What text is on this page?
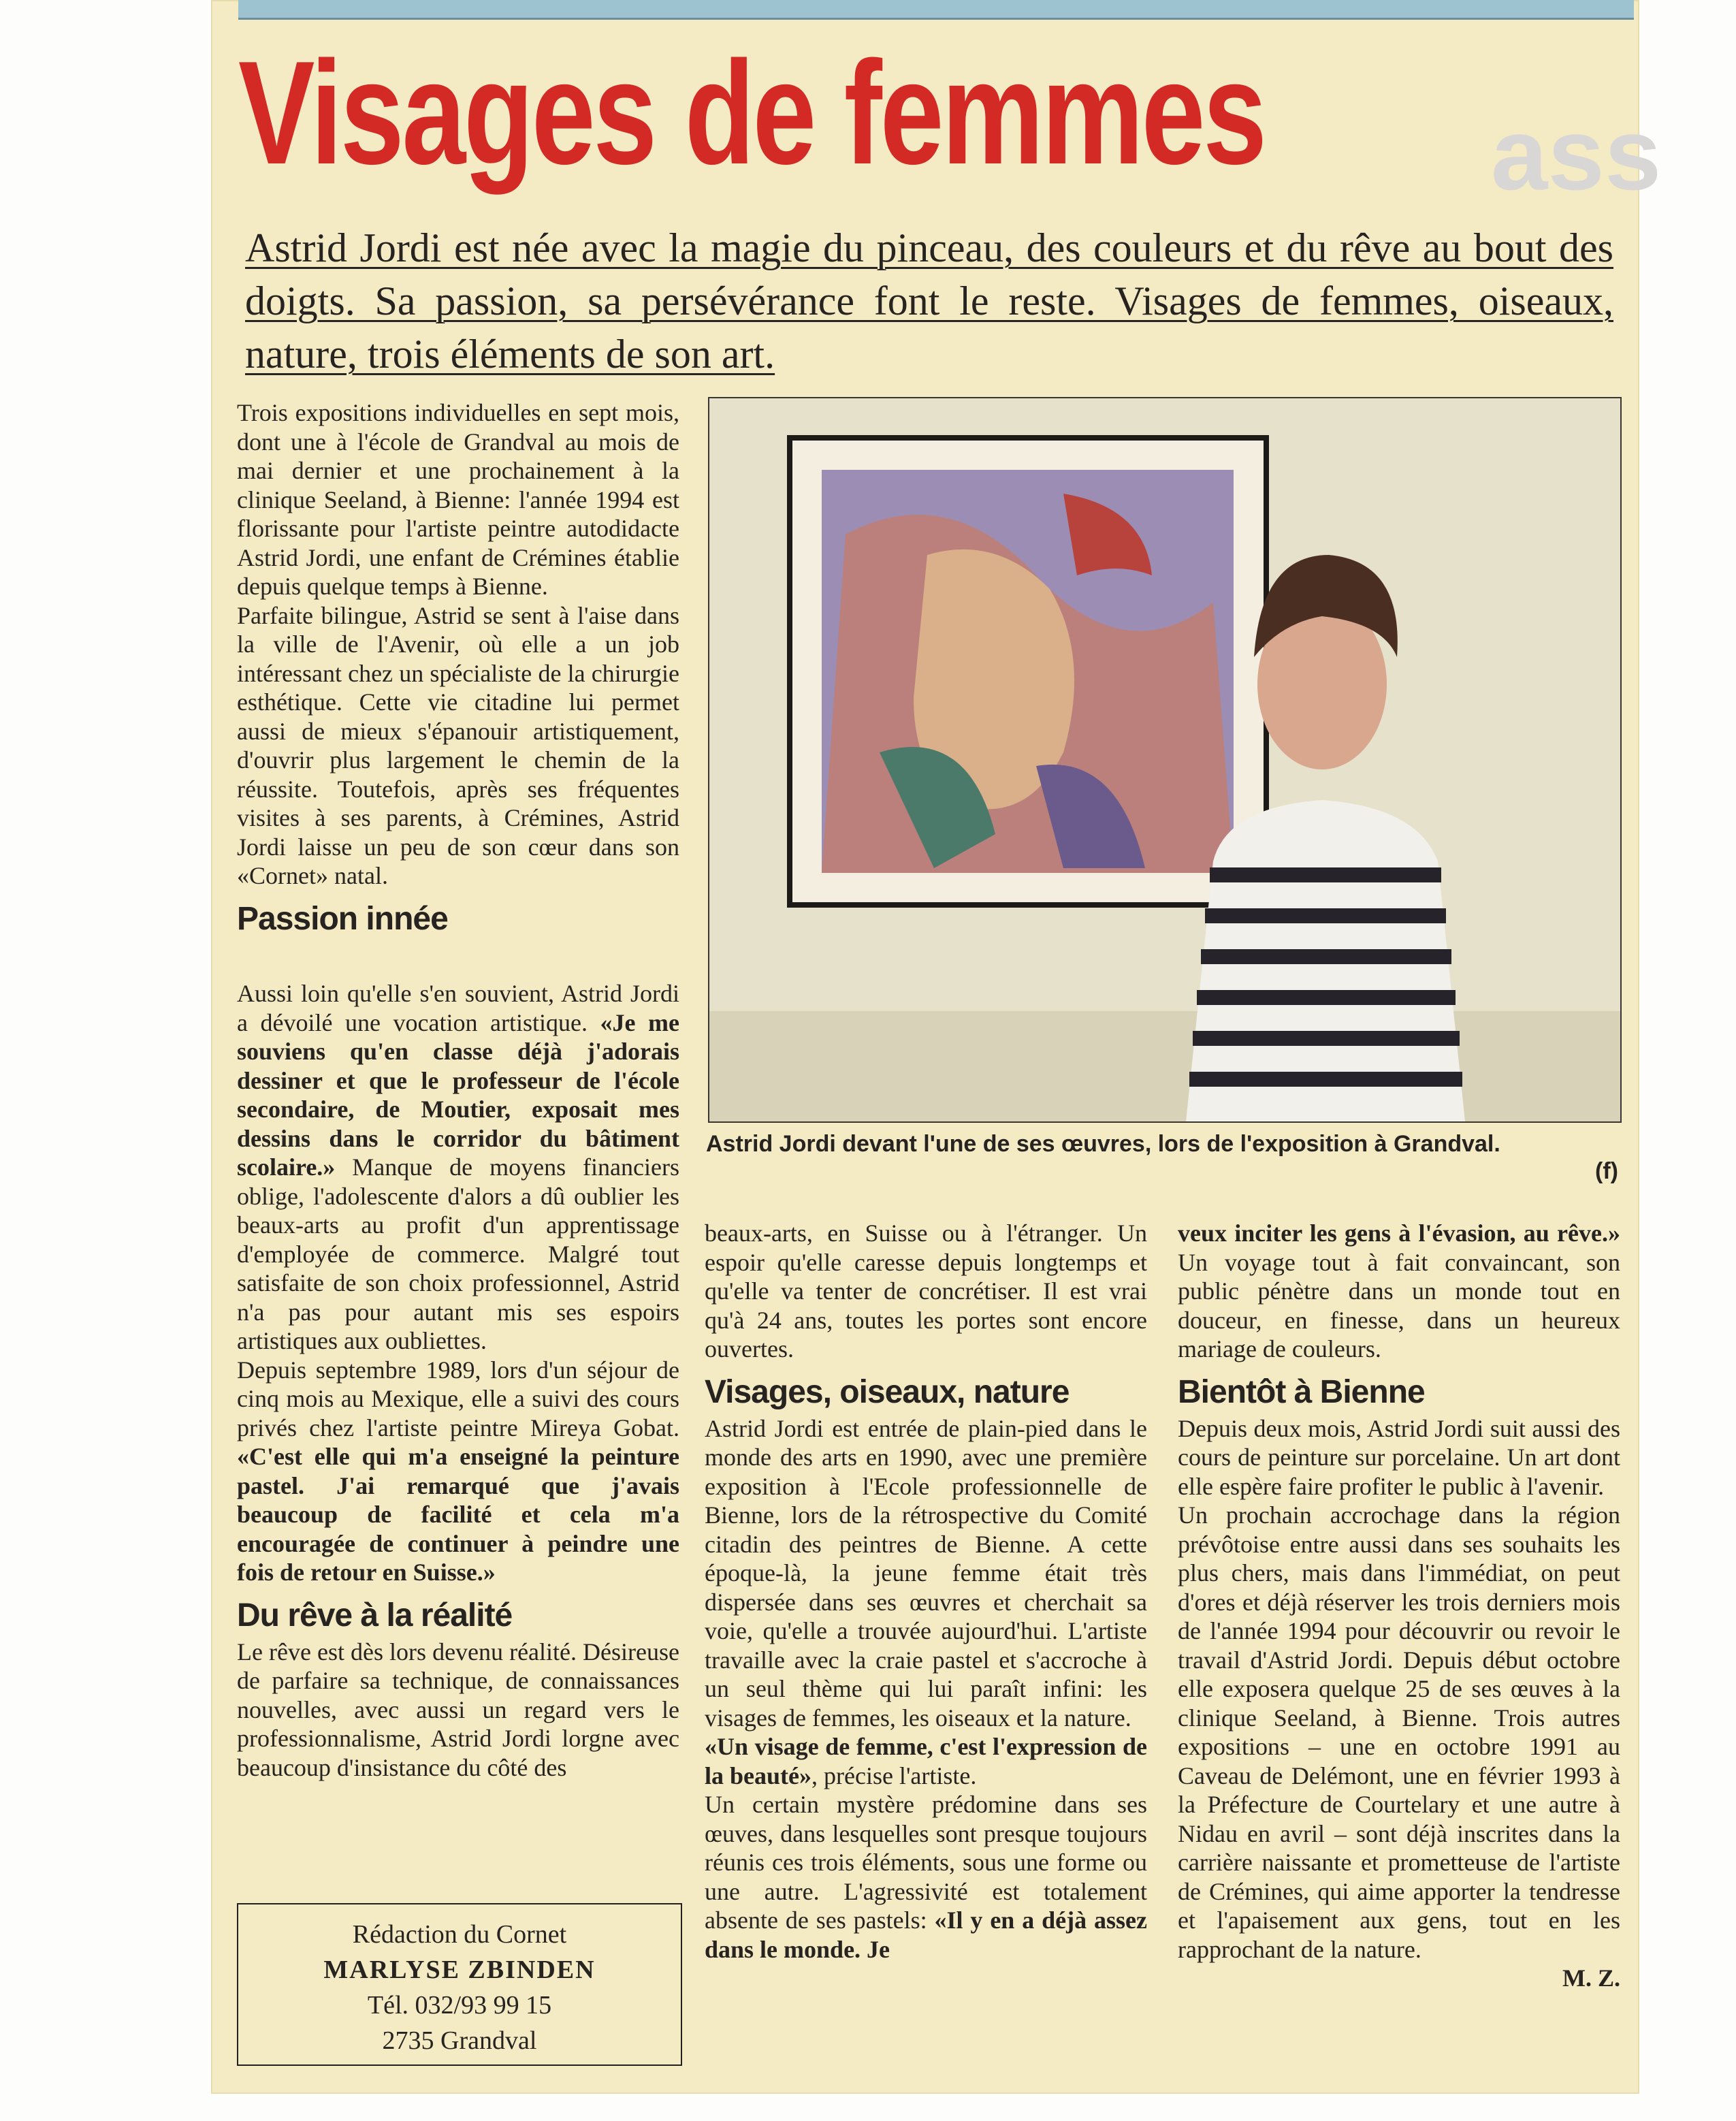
ass
Visages de femmes

Astrid Jordi est née avec la magie du pinceau, des couleurs et du rêve au bout des doigts. Sa passion, sa persévérance font le reste. Visages de femmes, oiseaux, nature, trois éléments de son art.

Trois expositions individuelles en sept mois, dont une à l'école de Grandval au mois de mai dernier et une prochainement à la clinique Seeland, à Bienne: l'année 1994 est florissante pour l'artiste peintre autodidacte Astrid Jordi, une enfant de Crémines établie depuis quelque temps à Bienne.

Parfaite bilingue, Astrid se sent à l'aise dans la ville de l'Avenir, où elle a un job intéressant chez un spécialiste de la chirurgie esthétique. Cette vie citadine lui permet aussi de mieux s'épanouir artistiquement, d'ouvrir plus largement le chemin de la réussite. Toutefois, après ses fréquentes visites à ses parents, à Crémines, Astrid Jordi laisse un peu de son cœur dans son «Cornet» natal.

Passion innée

Aussi loin qu'elle s'en souvient, Astrid Jordi a dévoilé une vocation artistique. «Je me souviens qu'en classe déjà j'adorais dessiner et que le professeur de l'école secondaire, de Moutier, exposait mes dessins dans le corridor du bâtiment scolaire.» Manque de moyens financiers oblige, l'adolescente d'alors a dû oublier les beaux-arts au profit d'un apprentissage d'employée de commerce. Malgré tout satisfaite de son choix professionnel, Astrid n'a pas pour autant mis ses espoirs artistiques aux oubliettes.

Depuis septembre 1989, lors d'un séjour de cinq mois au Mexique, elle a suivi des cours privés chez l'artiste peintre Mireya Gobat. «C'est elle qui m'a enseigné la peinture pastel. J'ai remarqué que j'avais beaucoup de facilité et cela m'a encouragée de continuer à peindre une fois de retour en Suisse.»

Du rêve à la réalité

Le rêve est dès lors devenu réalité. Désireuse de parfaire sa technique, de connaissances nouvelles, avec aussi un regard vers le professionnalisme, Astrid Jordi lorgne avec beaucoup d'insistance du côté des

Astrid Jordi devant l'une de ses œuvres, lors de l'exposition à Grandval.
(f)

beaux-arts, en Suisse ou à l'étranger. Un espoir qu'elle caresse depuis longtemps et qu'elle va tenter de concrétiser. Il est vrai qu'à 24 ans, toutes les portes sont encore ouvertes.

Visages, oiseaux, nature

Astrid Jordi est entrée de plain-pied dans le monde des arts en 1990, avec une première exposition à l'Ecole professionnelle de Bienne, lors de la rétrospective du Comité citadin des peintres de Bienne. A cette époque-là, la jeune femme était très dispersée dans ses œuvres et cherchait sa voie, qu'elle a trouvée aujourd'hui. L'artiste travaille avec la craie pastel et s'accroche à un seul thème qui lui paraît infini: les visages de femmes, les oiseaux et la nature.

«Un visage de femme, c'est l'expression de la beauté», précise l'artiste.

Un certain mystère prédomine dans ses œuves, dans lesquelles sont presque toujours réunis ces trois éléments, sous une forme ou une autre. L'agressivité est totalement absente de ses pastels: «Il y en a déjà assez dans le monde. Je

veux inciter les gens à l'évasion, au rêve.» Un voyage tout à fait convaincant, son public pénètre dans un monde tout en douceur, en finesse, dans un heureux mariage de couleurs.

Bientôt à Bienne

Depuis deux mois, Astrid Jordi suit aussi des cours de peinture sur porcelaine. Un art dont elle espère faire profiter le public à l'avenir.

Un prochain accrochage dans la région prévôtoise entre aussi dans ses souhaits les plus chers, mais dans l'immédiat, on peut d'ores et déjà réserver les trois derniers mois de l'année 1994 pour découvrir ou revoir le travail d'Astrid Jordi. Depuis début octobre elle exposera quelque 25 de ses œuves à la clinique Seeland, à Bienne. Trois autres expositions – une en octobre 1991 au Caveau de Delémont, une en février 1993 à la Préfecture de Courtelary et une autre à Nidau en avril – sont déjà inscrites dans la carrière naissante et prometteuse de l'artiste de Crémines, qui aime apporter la tendresse et l'apaisement aux gens, tout en les rapprochant de la nature.

M. Z.
Rédaction du Cornet
MARLYSE ZBINDEN
Tél. 032/93 99 15
2735 Grandval
